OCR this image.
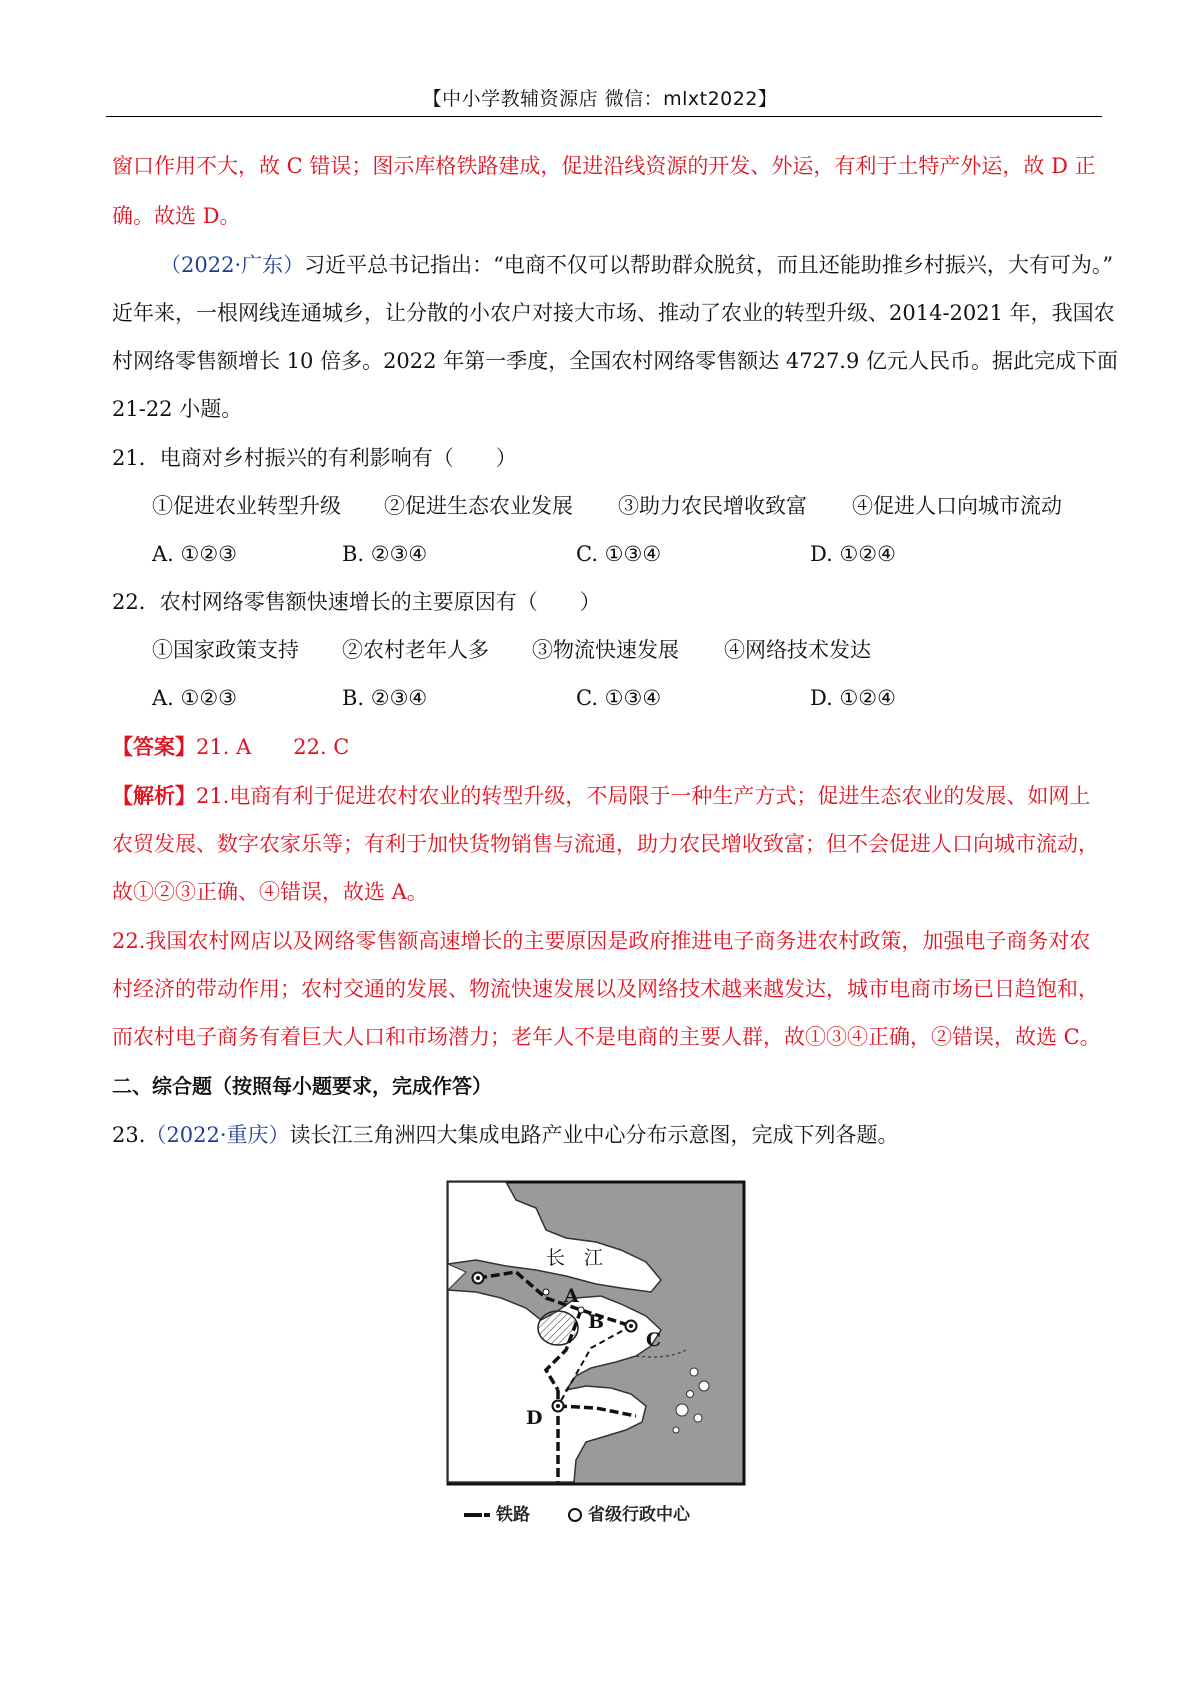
【中小学教辅资源店 微信：mlxt2022】
窗口作用不大，故 C 错误；图示库格铁路建成，促进沿线资源的开发、外运，有利于土特产外运，故 D 正
确。故选 D。
（2022·广东）习近平总书记指出：“电商不仅可以帮助群众脱贫，而且还能助推乡村振兴，大有可为。”
近年来，一根网线连通城乡，让分散的小农户对接大市场、推动了农业的转型升级、2014-2021 年，我国农
村网络零售额增长 10 倍多。2022 年第一季度，全国农村网络零售额达 4727.9 亿元人民币。据此完成下面
21-22 小题。
21．电商对乡村振兴的有利影响有（　　）
①促进农业转型升级 ②促进生态农业发展 ③助力农民增收致富 ④促进人口向城市流动
A. ①②③	B. ②③④	C. ①③④	D. ①②④
22．农村网络零售额快速增长的主要原因有（　　）
①国家政策支持 ②农村老年人多 ③物流快速发展 ④网络技术发达
A. ①②③	B. ②③④	C. ①③④	D. ①②④
【答案】21. A　　22. C
【解析】21.电商有利于促进农村农业的转型升级，不局限于一种生产方式；促进生态农业的发展、如网上
农贸发展、数字农家乐等；有利于加快货物销售与流通，助力农民增收致富；但不会促进人口向城市流动，
故①②③正确、④错误，故选 A。
22.我国农村网店以及网络零售额高速增长的主要原因是政府推进电子商务进农村政策，加强电子商务对农
村经济的带动作用；农村交通的发展、物流快速发展以及网络技术越来越发达，城市电商市场已日趋饱和，
而农村电子商务有着巨大人口和市场潜力；老年人不是电商的主要人群，故①③④正确，②错误，故选 C。
二、综合题（按照每小题要求，完成作答）
23.（2022·重庆）读长江三角洲四大集成电路产业中心分布示意图，完成下列各题。
长　江
A
B
C
D
铁路	省级行政中心
